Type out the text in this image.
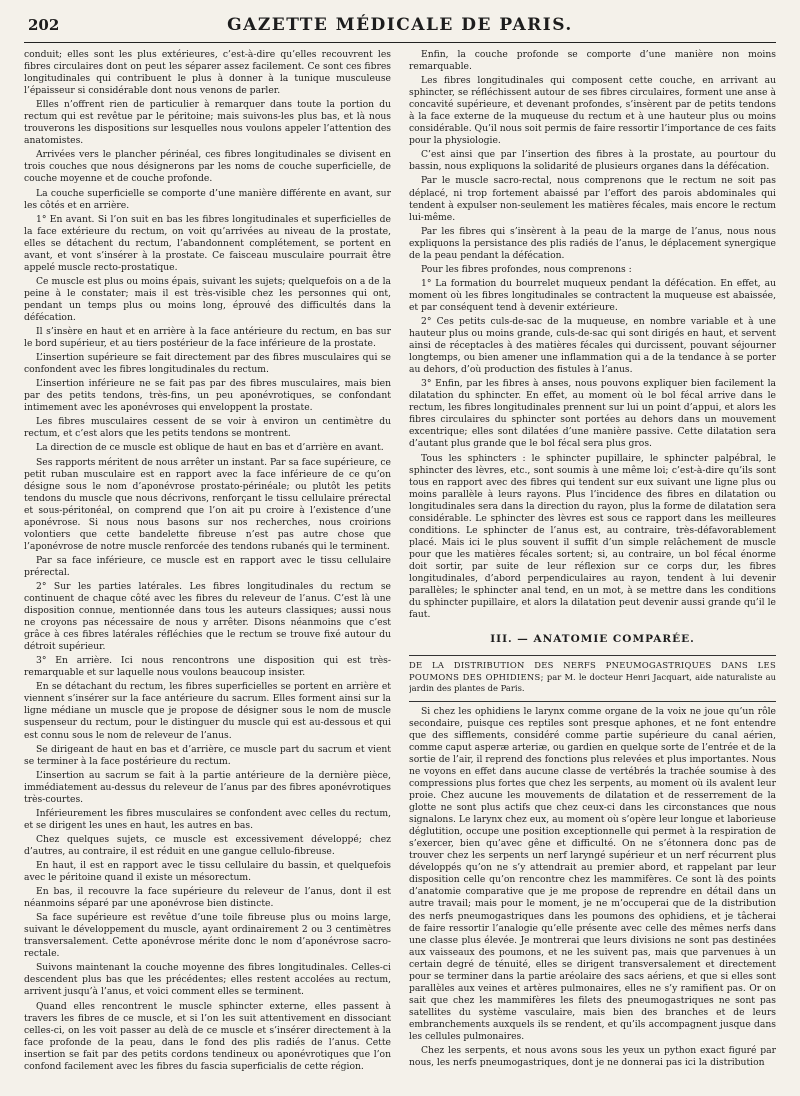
202	GAZETTE MÉDICALE DE PARIS.

conduit; elles sont les plus extérieures, c’est-à-dire qu’elles recouvrent les fibres circulaires dont on peut les séparer assez facilement. Ce sont ces fibres longitudinales qui contribuent le plus à donner à la tunique musculeuse l’épaisseur si considérable dont nous venons de parler.

Elles n’offrent rien de particulier à remarquer dans toute la portion du rectum qui est revêtue par le péritoine; mais suivons-les plus bas, et là nous trouverons les dispositions sur lesquelles nous voulons appeler l’attention des anatomistes.

Arrivées vers le plancher périnéal, ces fibres longitudinales se divisent en trois couches que nous désignerons par les noms de couche superficielle, de couche moyenne et de couche profonde.

La couche superficielle se comporte d’une manière différente en avant, sur les côtés et en arrière.

1° En avant. Si l’on suit en bas les fibres longitudinales et superficielles de la face extérieure du rectum, on voit qu’arrivées au niveau de la prostate, elles se détachent du rectum, l’abandonnent complétement, se portent en avant, et vont s’insérer à la prostate. Ce faisceau musculaire pourrait être appelé muscle recto-prostatique.

Ce muscle est plus ou moins épais, suivant les sujets; quelquefois on a de la peine à le constater; mais il est très-visible chez les personnes qui ont, pendant un temps plus ou moins long, éprouvé des difficultés dans la défécation.

Il s’insère en haut et en arrière à la face antérieure du rectum, en bas sur le bord supérieur, et au tiers postérieur de la face inférieure de la prostate.

L’insertion supérieure se fait directement par des fibres musculaires qui se confondent avec les fibres longitudinales du rectum.

L’insertion inférieure ne se fait pas par des fibres musculaires, mais bien par des petits tendons, très-fins, un peu aponévrotiques, se confondant intimement avec les aponévroses qui enveloppent la prostate.

Les fibres musculaires cessent de se voir à environ un centimètre du rectum, et c’est alors que les petits tendons se montrent.

La direction de ce muscle est oblique de haut en bas et d’arrière en avant.

Ses rapports méritent de nous arrêter un instant. Par sa face supérieure, ce petit ruban musculaire est en rapport avec la face inférieure de ce qu’on désigne sous le nom d’aponévrose prostato-périnéale; ou plutôt les petits tendons du muscle que nous décrivons, renforçant le tissu cellulaire prérectal et sous-péritonéal, on comprend que l’on ait pu croire à l’existence d’une aponévrose. Si nous nous basons sur nos recherches, nous croirions volontiers que cette bandelette fibreuse n’est pas autre chose que l’aponévrose de notre muscle renforcée des tendons rubanés qui le terminent.

Par sa face inférieure, ce muscle est en rapport avec le tissu cellulaire prérectal.

2° Sur les parties latérales. Les fibres longitudinales du rectum se continuent de chaque côté avec les fibres du releveur de l’anus. C’est là une disposition connue, mentionnée dans tous les auteurs classiques; aussi nous ne croyons pas nécessaire de nous y arrêter. Disons néanmoins que c’est grâce à ces fibres latérales réfléchies que le rectum se trouve fixé autour du détroit supérieur.

3° En arrière. Ici nous rencontrons une disposition qui est très-remarquable et sur laquelle nous voulons beaucoup insister.

En se détachant du rectum, les fibres superficielles se portent en arrière et viennent s’insérer sur la face antérieure du sacrum. Elles forment ainsi sur la ligne médiane un muscle que je propose de désigner sous le nom de muscle suspenseur du rectum, pour le distinguer du muscle qui est au-dessous et qui est connu sous le nom de releveur de l’anus.

Se dirigeant de haut en bas et d’arrière, ce muscle part du sacrum et vient se terminer à la face postérieure du rectum.

L’insertion au sacrum se fait à la partie antérieure de la dernière pièce, immédiatement au-dessus du releveur de l’anus par des fibres aponévrotiques très-courtes.

Inférieurement les fibres musculaires se confondent avec celles du rectum, et se dirigent les unes en haut, les autres en bas.

Chez quelques sujets, ce muscle est excessivement développé; chez d’autres, au contraire, il est réduit en une gangue cellulo-fibreuse.

En haut, il est en rapport avec le tissu cellulaire du bassin, et quelquefois avec le péritoine quand il existe un mésorectum.

En bas, il recouvre la face supérieure du releveur de l’anus, dont il est néanmoins séparé par une aponévrose bien distincte.

Sa face supérieure est revêtue d’une toile fibreuse plus ou moins large, suivant le développement du muscle, ayant ordinairement 2 ou 3 centimètres transversalement. Cette aponévrose mérite donc le nom d’aponévrose sacro-rectale.

Suivons maintenant la couche moyenne des fibres longitudinales. Celles-ci descendent plus bas que les précédentes; elles restent accolées au rectum, arrivent jusqu’à l’anus, et voici comment elles se terminent.

Quand elles rencontrent le muscle sphincter externe, elles passent à travers les fibres de ce muscle, et si l’on les suit attentivement en dissociant celles-ci, on les voit passer au delà de ce muscle et s’insérer directement à la face profonde de la peau, dans le fond des plis radiés de l’anus. Cette insertion se fait par des petits cordons tendineux ou aponévrotiques que l’on confond facilement avec les fibres du fascia superficialis de cette région.

Enfin, la couche profonde se comporte d’une manière non moins remarquable.

Les fibres longitudinales qui composent cette couche, en arrivant au sphincter, se réfléchissent autour de ses fibres circulaires, forment une anse à concavité supérieure, et devenant profondes, s’insèrent par de petits tendons à la face externe de la muqueuse du rectum et à une hauteur plus ou moins considérable. Qu’il nous soit permis de faire ressortir l’importance de ces faits pour la physiologie.

C’est ainsi que par l’insertion des fibres à la prostate, au pourtour du bassin, nous expliquons la solidarité de plusieurs organes dans la défécation.

Par le muscle sacro-rectal, nous comprenons que le rectum ne soit pas déplacé, ni trop fortement abaissé par l’effort des parois abdominales qui tendent à expulser non-seulement les matières fécales, mais encore le rectum lui-même.

Par les fibres qui s’insèrent à la peau de la marge de l’anus, nous nous expliquons la persistance des plis radiés de l’anus, le déplacement synergique de la peau pendant la défécation.

Pour les fibres profondes, nous comprenons :

1° La formation du bourrelet muqueux pendant la défécation. En effet, au moment où les fibres longitudinales se contractent la muqueuse est abaissée, et par conséquent tend à devenir extérieure.

2° Ces petits culs-de-sac de la muqueuse, en nombre variable et à une hauteur plus ou moins grande, culs-de-sac qui sont dirigés en haut, et servent ainsi de réceptacles à des matières fécales qui durcissent, pouvant séjourner longtemps, ou bien amener une inflammation qui a de la tendance à se porter au dehors, d’où production des fistules à l’anus.

3° Enfin, par les fibres à anses, nous pouvons expliquer bien facilement la dilatation du sphincter. En effet, au moment où le bol fécal arrive dans le rectum, les fibres longitudinales prennent sur lui un point d’appui, et alors les fibres circulaires du sphincter sont portées au dehors dans un mouvement excentrique; elles sont dilatées d’une manière passive. Cette dilatation sera d’autant plus grande que le bol fécal sera plus gros.

Tous les sphincters : le sphincter pupillaire, le sphincter palpébral, le sphincter des lèvres, etc., sont soumis à une même loi; c’est-à-dire qu’ils sont tous en rapport avec des fibres qui tendent sur eux suivant une ligne plus ou moins parallèle à leurs rayons. Plus l’incidence des fibres en dilatation ou longitudinales sera dans la direction du rayon, plus la forme de dilatation sera considérable. Le sphincter des lèvres est sous ce rapport dans les meilleures conditions. Le sphincter de l’anus est, au contraire, très-défavorablement placé. Mais ici le plus souvent il suffit d’un simple relâchement de muscle pour que les matières fécales sortent; si, au contraire, un bol fécal énorme doit sortir, par suite de leur réflexion sur ce corps dur, les fibres longitudinales, d’abord perpendiculaires au rayon, tendent à lui devenir parallèles; le sphincter anal tend, en un mot, à se mettre dans les conditions du sphincter pupillaire, et alors la dilatation peut devenir aussi grande qu’il le faut.

III. — ANATOMIE COMPARÉE.
DE LA DISTRIBUTION DES NERFS PNEUMOGASTRIQUES DANS LES POUMONS DES OPHIDIENS; par M. le docteur Henri Jacquart, aide naturaliste au jardin des plantes de Paris.

Si chez les ophidiens le larynx comme organe de la voix ne joue qu’un rôle secondaire, puisque ces reptiles sont presque aphones, et ne font entendre que des sifflements, considéré comme partie supérieure du canal aérien, comme caput asperæ arteriæ, ou gardien en quelque sorte de l’entrée et de la sortie de l’air, il reprend des fonctions plus relevées et plus importantes. Nous ne voyons en effet dans aucune classe de vertébrés la trachée soumise à des compressions plus fortes que chez les serpents, au moment où ils avalent leur proie. Chez aucune les mouvements de dilatation et de resserrement de la glotte ne sont plus actifs que chez ceux-ci dans les circonstances que nous signalons. Le larynx chez eux, au moment où s’opère leur longue et laborieuse déglutition, occupe une position exceptionnelle qui permet à la respiration de s’exercer, bien qu’avec gêne et difficulté. On ne s’étonnera donc pas de trouver chez les serpents un nerf laryngé supérieur et un nerf récurrent plus développés qu’on ne s’y attendrait au premier abord, et rappelant par leur disposition celle qu’on rencontre chez les mammifères. Ce sont là des points d’anatomie comparative que je me propose de reprendre en détail dans un autre travail; mais pour le moment, je ne m’occuperai que de la distribution des nerfs pneumogastriques dans les poumons des ophidiens, et je tâcherai de faire ressortir l’analogie qu’elle présente avec celle des mêmes nerfs dans une classe plus élevée. Je montrerai que leurs divisions ne sont pas destinées aux vaisseaux des poumons, et ne les suivent pas, mais que parvenues à un certain degré de ténuité, elles se dirigent transversalement et directement pour se terminer dans la partie aréolaire des sacs aériens, et que si elles sont parallèles aux veines et artères pulmonaires, elles ne s’y ramifient pas. Or on sait que chez les mammifères les filets des pneumogastriques ne sont pas satellites du système vasculaire, mais bien des branches et de leurs embranchements auxquels ils se rendent, et qu’ils accompagnent jusque dans les cellules pulmonaires.

Chez les serpents, et nous avons sous les yeux un python exact figuré par nous, les nerfs pneumogastriques, dont je ne donnerai pas ici la distribution
